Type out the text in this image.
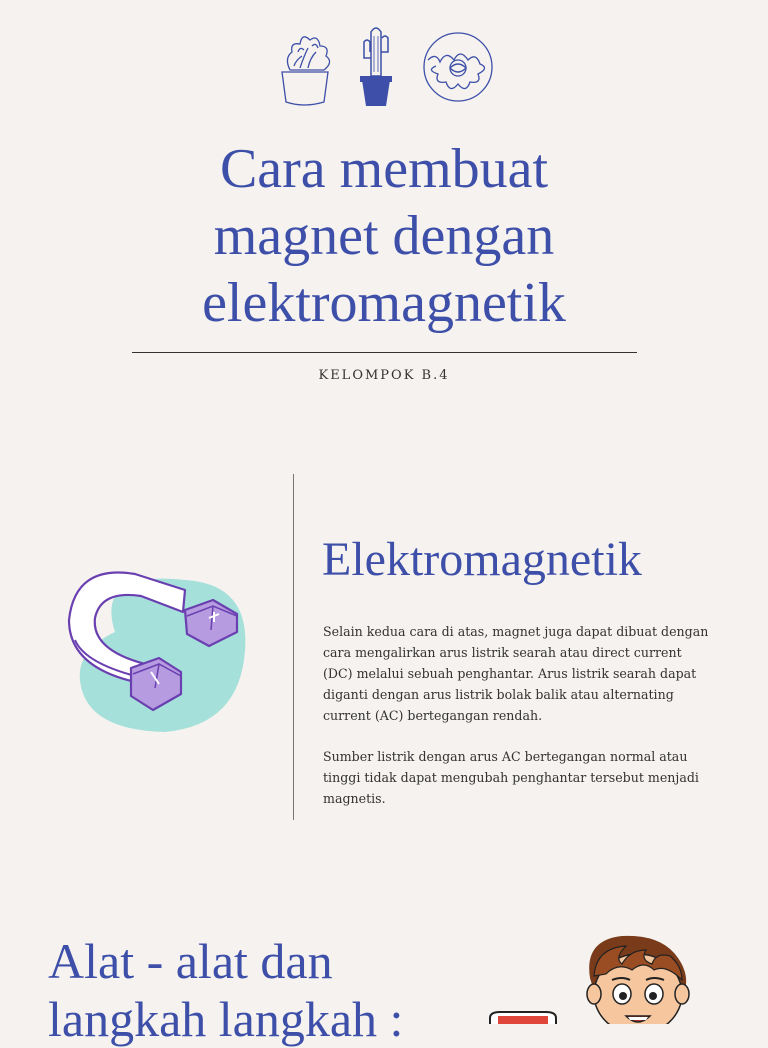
Cara membuat
magnet dengan
elektromagnetik
KELOMPOK B.4
Elektromagnetik

Selain kedua cara di atas, magnet juga dapat dibuat dengan cara mengalirkan arus listrik searah atau direct current (DC) melalui sebuah penghantar. Arus listrik searah dapat diganti dengan arus listrik bolak balik atau alternating current (AC) bertegangan rendah.

Sumber listrik dengan arus AC bertegangan normal atau tinggi tidak dapat mengubah penghantar tersebut menjadi magnetis.

Alat - alat dan
langkah langkah :
